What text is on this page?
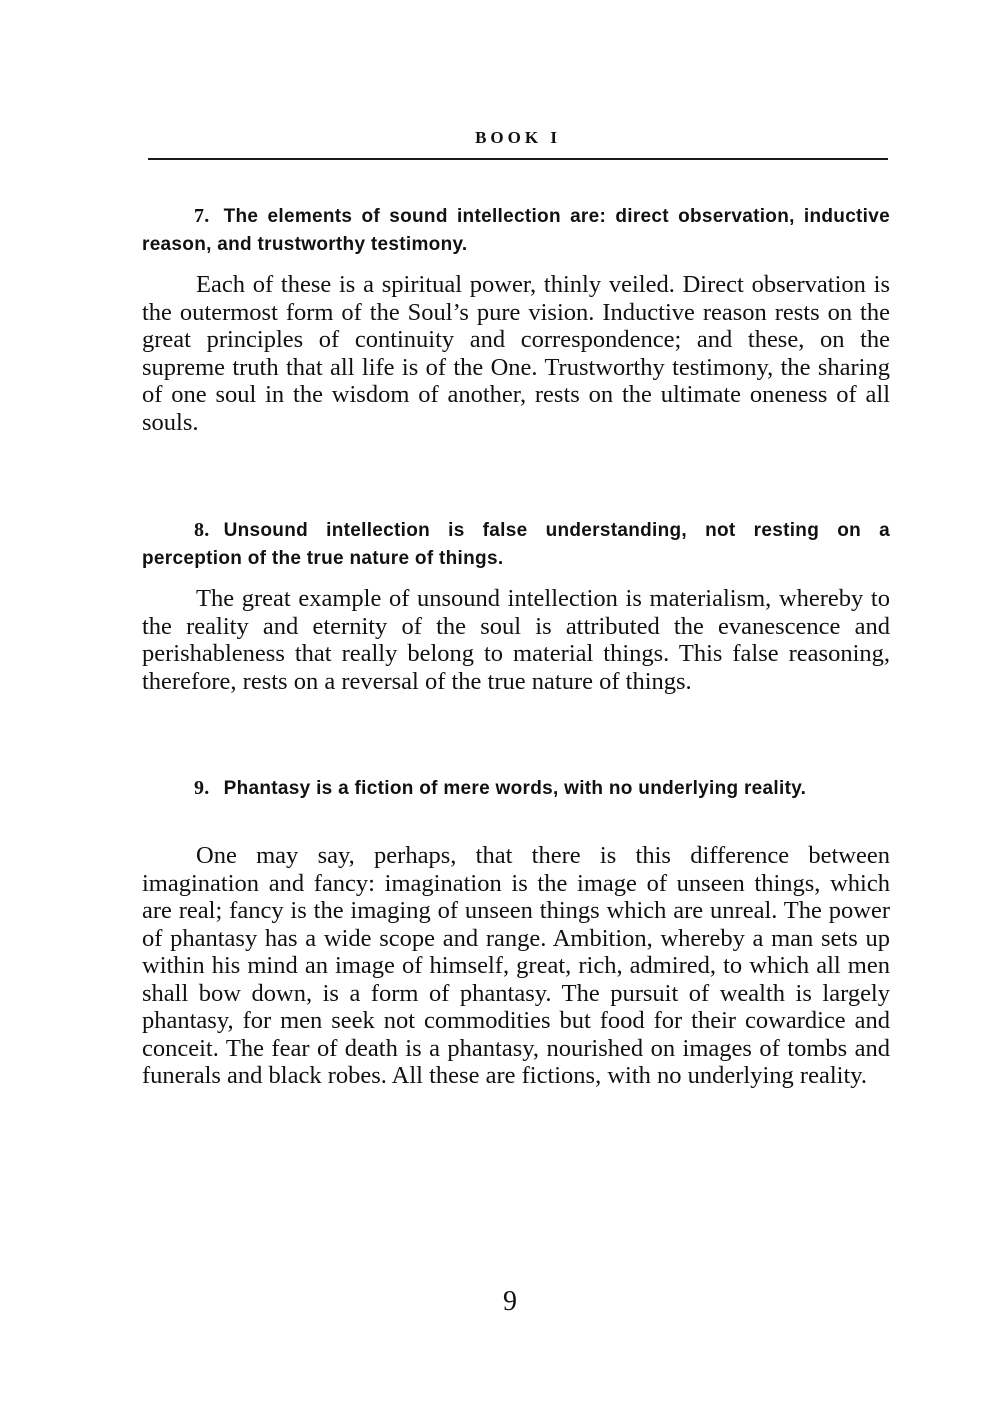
BOOK I
7. The elements of sound intellection are: direct observation, inductive reason, and trustworthy testimony.
Each of these is a spiritual power, thinly veiled. Direct observation is the outermost form of the Soul’s pure vision. Inductive reason rests on the great principles of continuity and correspondence; and these, on the supreme truth that all life is of the One. Trustworthy testimony, the sharing of one soul in the wisdom of another, rests on the ultimate oneness of all souls.
8. Unsound intellection is false understanding, not resting on a perception of the true nature of things.
The great example of unsound intellection is materialism, whereby to the reality and eternity of the soul is attributed the evanescence and perishableness that really belong to material things. This false reasoning, therefore, rests on a reversal of the true nature of things.
9. Phantasy is a fiction of mere words, with no underlying reality.
One may say, perhaps, that there is this difference between imagination and fancy: imagination is the image of unseen things, which are real; fancy is the imaging of unseen things which are unreal. The power of phantasy has a wide scope and range. Ambition, whereby a man sets up within his mind an image of himself, great, rich, admired, to which all men shall bow down, is a form of phantasy. The pursuit of wealth is largely phantasy, for men seek not commodities but food for their cowardice and conceit. The fear of death is a phantasy, nourished on images of tombs and funerals and black robes. All these are fictions, with no underlying reality.
9
